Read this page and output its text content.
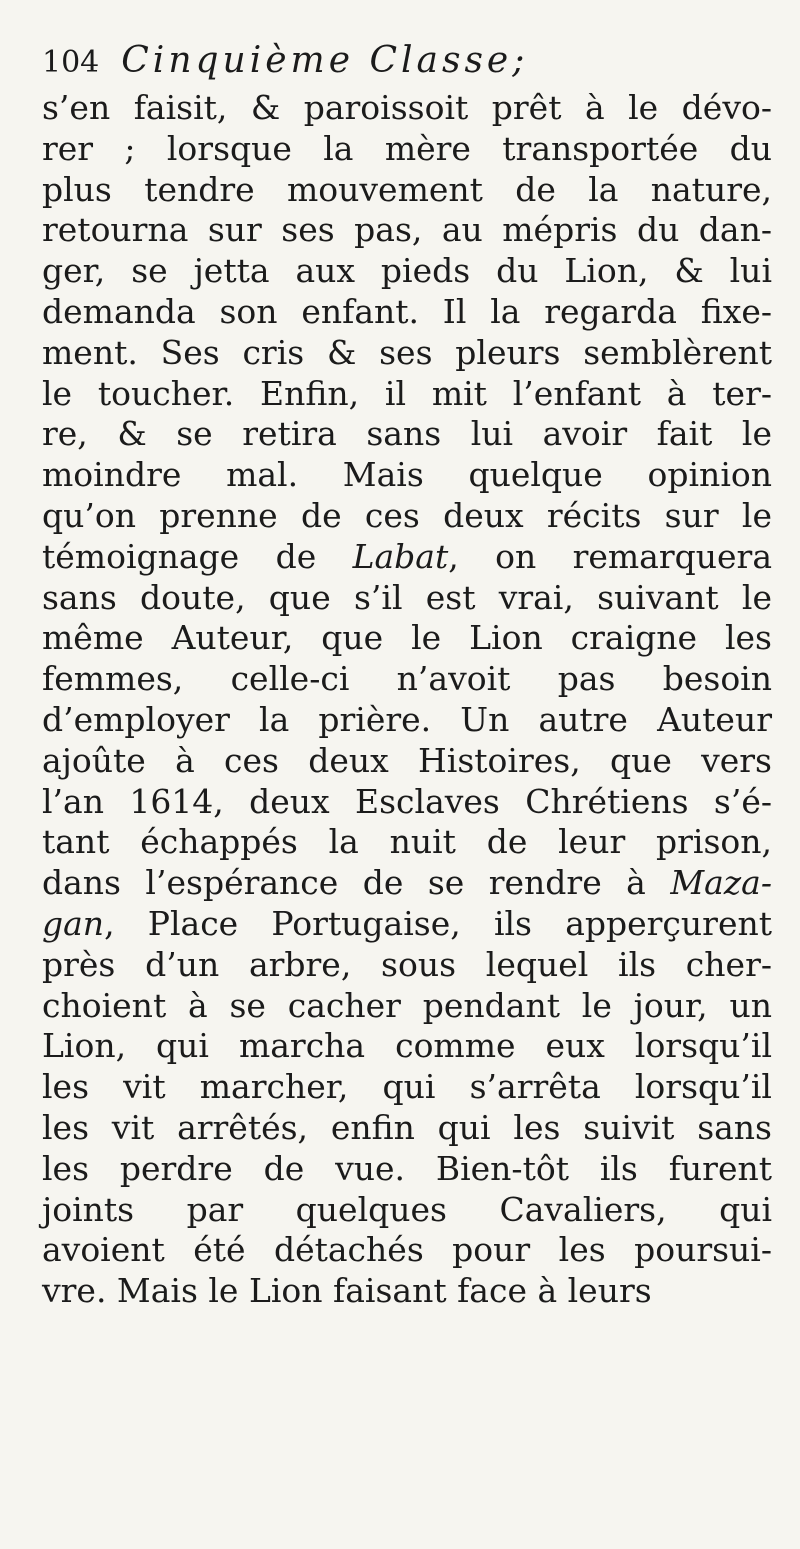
104 Cinquième Classe;
s’en faisit, & paroissoit prêt à le dévo-
rer ; lorsque la mère transportée du
plus tendre mouvement de la nature,
retourna sur ses pas, au mépris du dan-
ger, se jetta aux pieds du Lion, & lui
demanda son enfant. Il la regarda fixe-
ment. Ses cris & ses pleurs semblèrent
le toucher. Enfin, il mit l’enfant à ter-
re, & se retira sans lui avoir fait le
moindre mal. Mais quelque opinion
qu’on prenne de ces deux récits sur le
témoignage de Labat, on remarquera
sans doute, que s’il est vrai, suivant le
même Auteur, que le Lion craigne les
femmes, celle-ci n’avoit pas besoin
d’employer la prière. Un autre Auteur
ajoûte à ces deux Histoires, que vers
l’an 1614, deux Esclaves Chrétiens s’é-
tant échappés la nuit de leur prison,
dans l’espérance de se rendre à Maza-
gan, Place Portugaise, ils apperçurent
près d’un arbre, sous lequel ils cher-
choient à se cacher pendant le jour, un
Lion, qui marcha comme eux lorsqu’il
les vit marcher, qui s’arrêta lorsqu’il
les vit arrêtés, enfin qui les suivit sans
les perdre de vue. Bien-tôt ils furent
joints par quelques Cavaliers, qui
avoient été détachés pour les poursui-
vre. Mais le Lion faisant face à leurs
